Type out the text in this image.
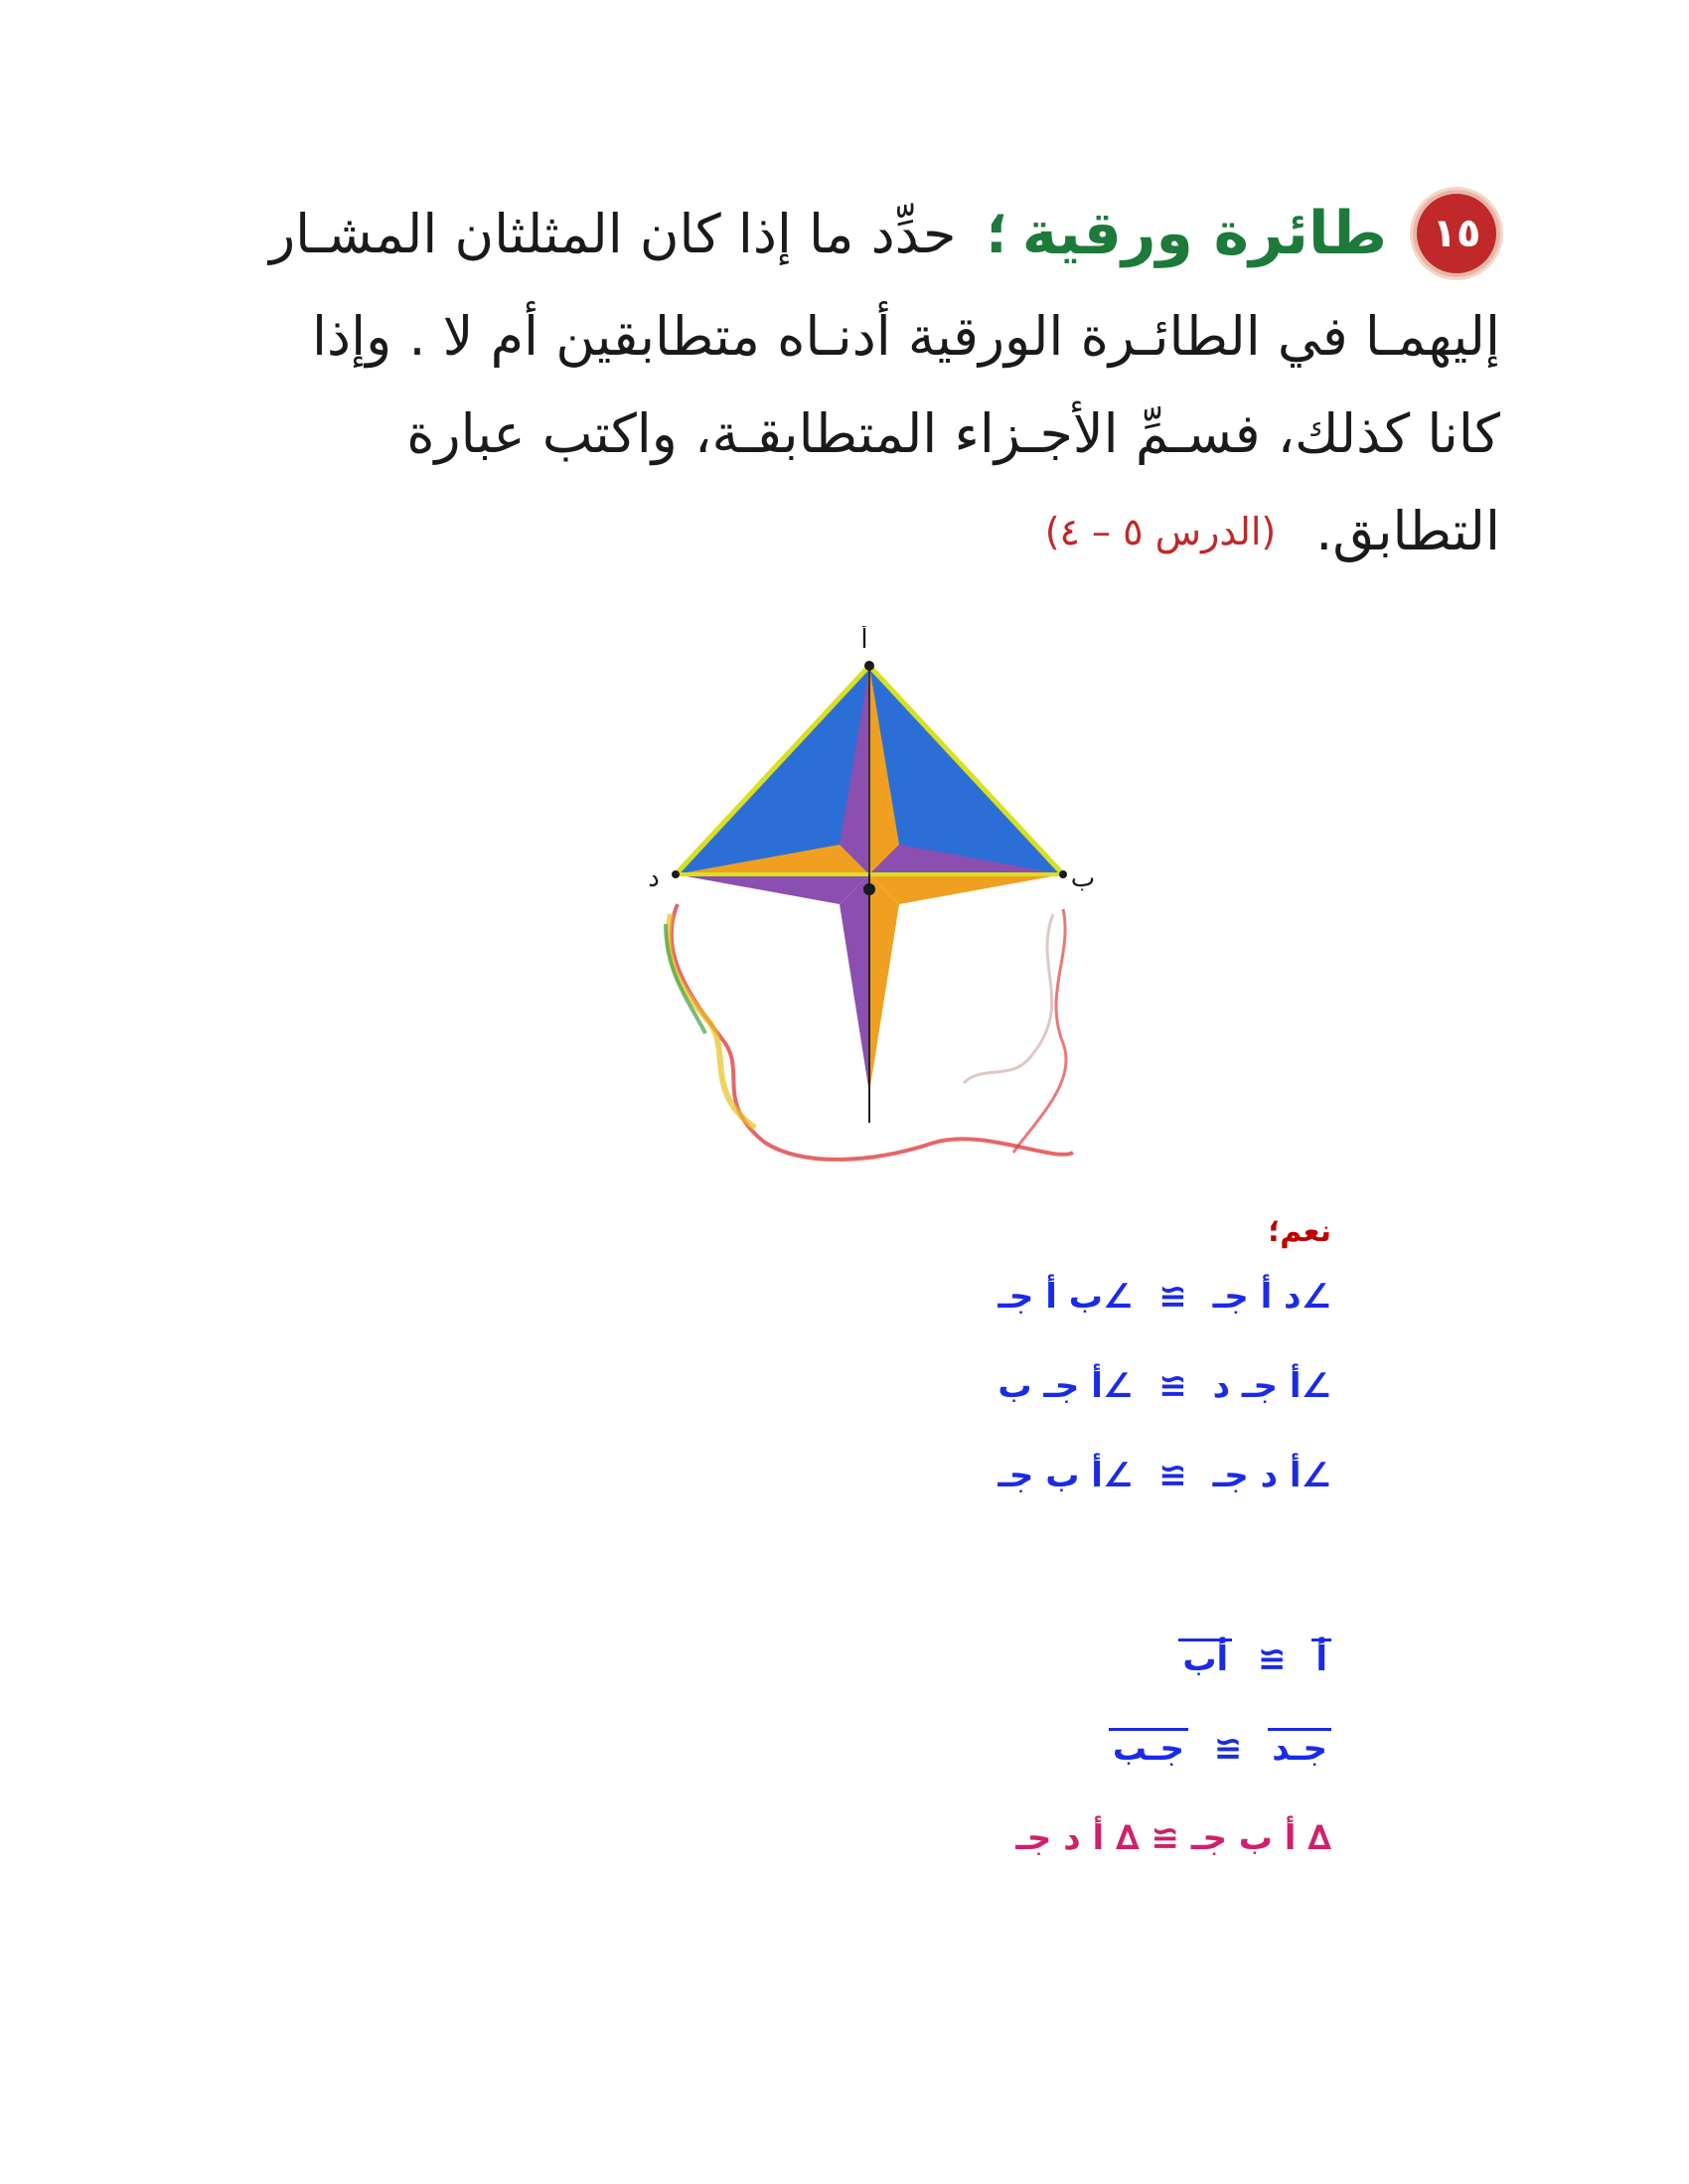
١٥
طائرة ورقية
؛
حدِّد ما إذا كان المثلثان المشـار
إليهمـا في الطائـرة الورقية أدنـاه متطابقين أم لا . وإذا
كانا كذلك، فسـمِّ الأجـزاء المتطابقـة، واكتب عبارة
التطابق.
(الدرس ٥ – ٤)
أ
ب
د
نعم؛
∠د أ جـ ≅ ∠ب أ جـ
∠أ جـ د ≅ ∠أ جـ ب
∠أ د جـ ≅ ∠أ ب جـ
أ ≅ أب
جـد ≅ جـب
∆ أ ب جـ ≅ ∆ أ د جـ
